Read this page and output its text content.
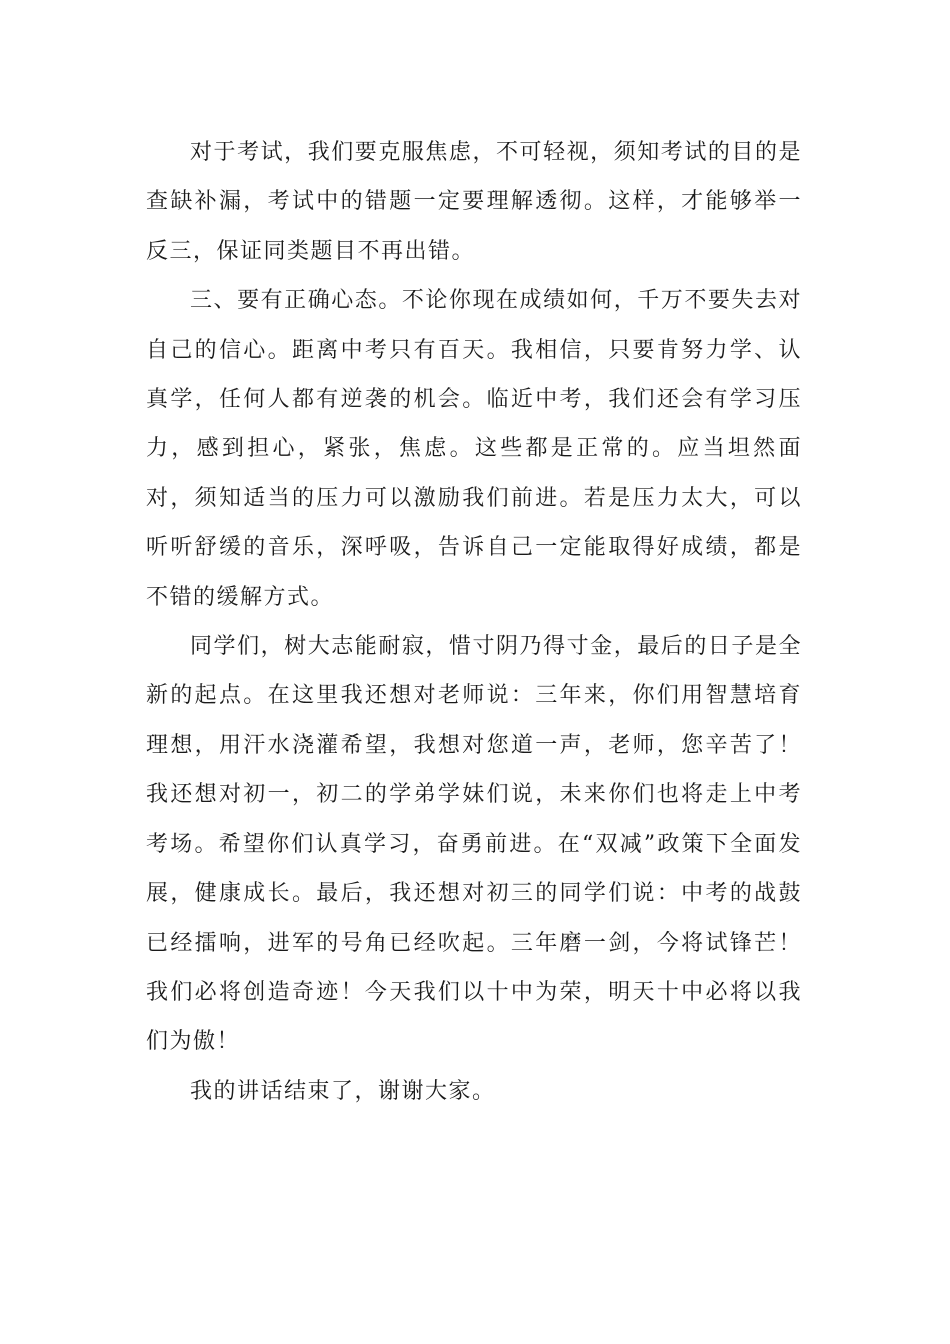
对于考试，我们要克服焦虑，不可轻视，须知考试的目的是查缺补漏，考试中的错题一定要理解透彻。这样，才能够举一反三，保证同类题目不再出错。

三、要有正确心态。不论你现在成绩如何，千万不要失去对自己的信心。距离中考只有百天。我相信，只要肯努力学、认真学，任何人都有逆袭的机会。临近中考，我们还会有学习压力，感到担心，紧张，焦虑。这些都是正常的。应当坦然面对，须知适当的压力可以激励我们前进。若是压力太大，可以听听舒缓的音乐，深呼吸，告诉自己一定能取得好成绩，都是不错的缓解方式。

同学们，树大志能耐寂，惜寸阴乃得寸金，最后的日子是全新的起点。在这里我还想对老师说：三年来，你们用智慧培育理想，用汗水浇灌希望，我想对您道一声，老师，您辛苦了！我还想对初一，初二的学弟学妹们说，未来你们也将走上中考考场。希望你们认真学习，奋勇前进。在“双减”政策下全面发展，健康成长。最后，我还想对初三的同学们说：中考的战鼓已经擂响，进军的号角已经吹起。三年磨一剑，今将试锋芒！我们必将创造奇迹！今天我们以十中为荣，明天十中必将以我们为傲！

我的讲话结束了，谢谢大家。
